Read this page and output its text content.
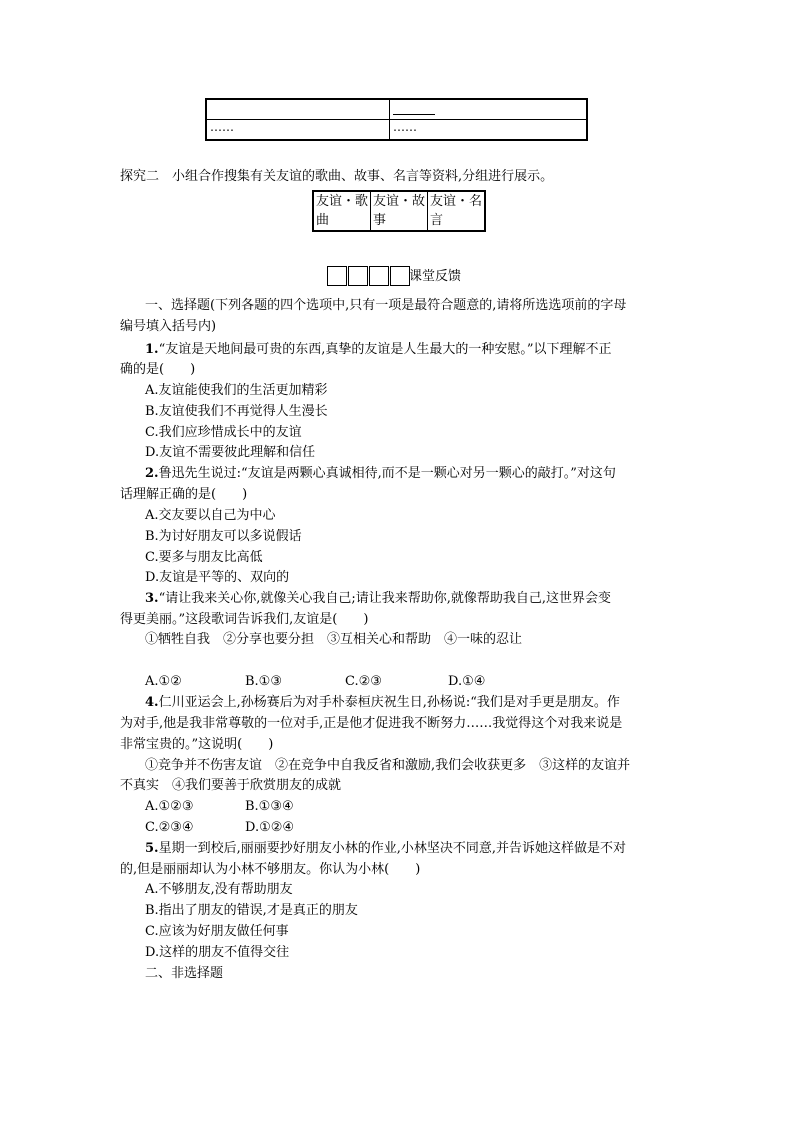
……	……
探究二　小组合作搜集有关友谊的歌曲、故事、名言等资料,分组进行展示。
友谊・歌曲	友谊・故事	友谊・名言
课堂反馈
一、选择题(下列各题的四个选项中,只有一项是最符合题意的,请将所选选项前的字母
编号填入括号内)
1.“友谊是天地间最可贵的东西,真挚的友谊是人生最大的一种安慰。”以下理解不正
确的是(　　)
A.友谊能使我们的生活更加精彩
B.友谊使我们不再觉得人生漫长
C.我们应珍惜成长中的友谊
D.友谊不需要彼此理解和信任
2.鲁迅先生说过:“友谊是两颗心真诚相待,而不是一颗心对另一颗心的敲打。”对这句
话理解正确的是(　　)
A.交友要以自己为中心
B.为讨好朋友可以多说假话
C.要多与朋友比高低
D.友谊是平等的、双向的
3.“请让我来关心你,就像关心我自己;请让我来帮助你,就像帮助我自己,这世界会变
得更美丽。”这段歌词告诉我们,友谊是(　　)
①牺牲自我　②分享也要分担　③互相关心和帮助　④一味的忍让
A.①②	B.①③	C.②③	D.①④
4.仁川亚运会上,孙杨赛后为对手朴泰桓庆祝生日,孙杨说:“我们是对手更是朋友。作
为对手,他是我非常尊敬的一位对手,正是他才促进我不断努力……我觉得这个对我来说是
非常宝贵的。”这说明(　　)
①竞争并不伤害友谊　②在竞争中自我反省和激励,我们会收获更多　③这样的友谊并
不真实　④我们要善于欣赏朋友的成就
A.①②③	B.①③④
C.②③④	D.①②④
5.星期一到校后,丽丽要抄好朋友小林的作业,小林坚决不同意,并告诉她这样做是不对
的,但是丽丽却认为小林不够朋友。你认为小林(　　)
A.不够朋友,没有帮助朋友
B.指出了朋友的错误,才是真正的朋友
C.应该为好朋友做任何事
D.这样的朋友不值得交往
二、非选择题
